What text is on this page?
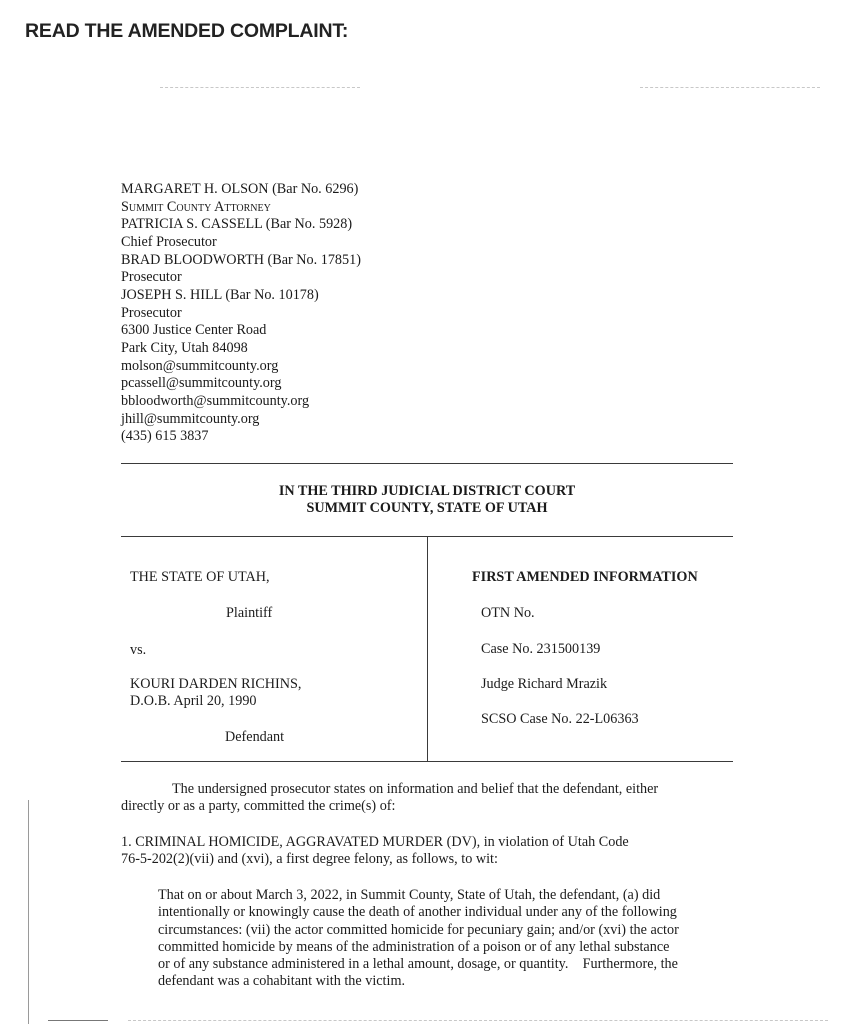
READ THE AMENDED COMPLAINT:
MARGARET H. OLSON (Bar No. 6296)
Summit County Attorney
PATRICIA S. CASSELL (Bar No. 5928)
Chief Prosecutor
BRAD BLOODWORTH (Bar No. 17851)
Prosecutor
JOSEPH S. HILL (Bar No. 10178)
Prosecutor
6300 Justice Center Road
Park City, Utah 84098
molson@summitcounty.org
pcassell@summitcounty.org
bbloodworth@summitcounty.org
jhill@summitcounty.org
(435) 615 3837
IN THE THIRD JUDICIAL DISTRICT COURT
SUMMIT COUNTY, STATE OF UTAH
THE STATE OF UTAH,
Plaintiff
vs.
KOURI DARDEN RICHINS,
D.O.B. April 20, 1990
Defendant
FIRST AMENDED INFORMATION
OTN No.
Case No. 231500139
Judge Richard Mrazik
SCSO Case No. 22-L06363
The undersigned prosecutor states on information and belief that the defendant, either
directly or as a party, committed the crime(s) of:
1. CRIMINAL HOMICIDE, AGGRAVATED MURDER (DV), in violation of Utah Code
76-5-202(2)(vii) and (xvi), a first degree felony, as follows, to wit:
That on or about March 3, 2022, in Summit County, State of Utah, the defendant, (a) did
intentionally or knowingly cause the death of another individual under any of the following
circumstances: (vii) the actor committed homicide for pecuniary gain; and/or (xvi) the actor
committed homicide by means of the administration of a poison or of any lethal substance
or of any substance administered in a lethal amount, dosage, or quantity.    Furthermore, the
defendant was a cohabitant with the victim.
